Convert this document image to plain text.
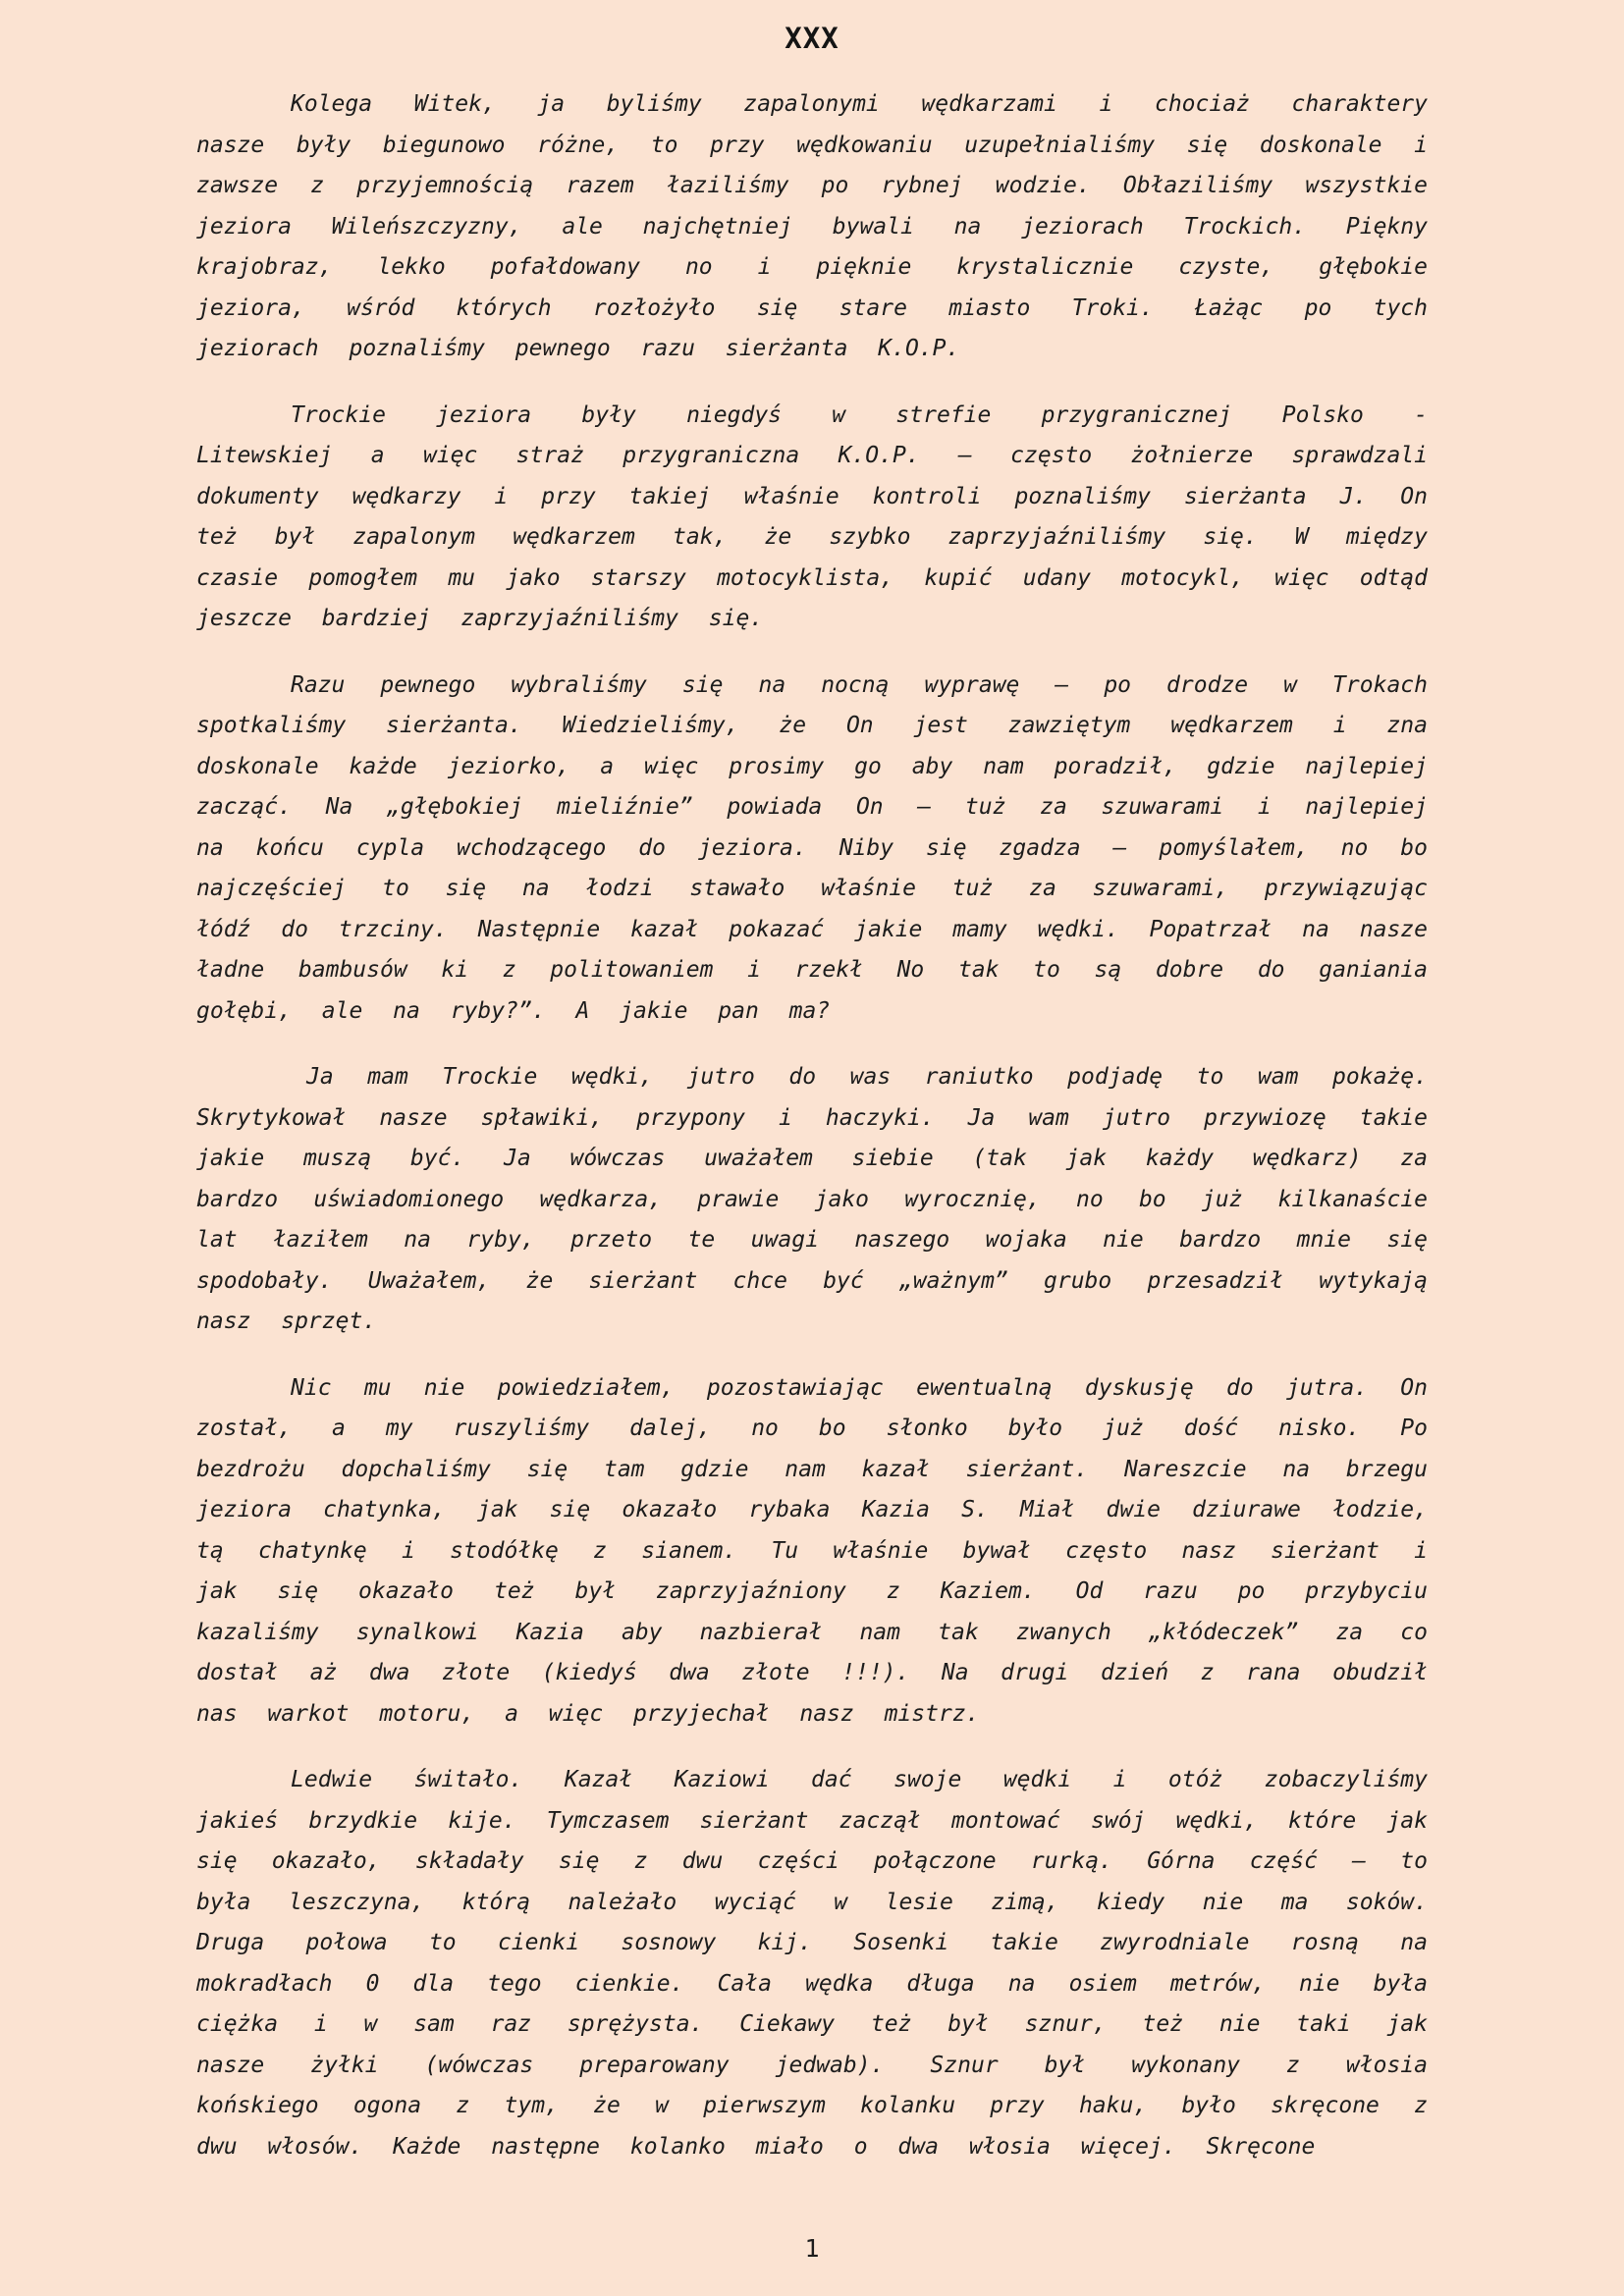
XXX

Kolega Witek, ja byliśmy zapalonymi wędkarzami i chociaż charaktery nasze były biegunowo różne, to przy wędkowaniu uzupełnialiśmy się doskonale i zawsze z przyjemnością razem łaziliśmy po rybnej wodzie. Obłaziliśmy wszystkie jeziora Wileńszczyzny, ale najchętniej bywali na jeziorach Trockich. Piękny krajobraz, lekko pofałdowany no i pięknie krystalicznie czyste, głębokie jeziora, wśród których rozłożyło się stare miasto Troki. Łażąc po tych jeziorach poznaliśmy pewnego razu sierżanta K.O.P.

Trockie jeziora były niegdyś w strefie przygranicznej Polsko - Litewskiej a więc straż przygraniczna K.O.P. – często żołnierze sprawdzali dokumenty wędkarzy i przy takiej właśnie kontroli poznaliśmy sierżanta J. On też był zapalonym wędkarzem tak, że szybko zaprzyjaźniliśmy się. W między czasie pomogłem mu jako starszy motocyklista, kupić udany motocykl, więc odtąd jeszcze bardziej zaprzyjaźniliśmy się.

Razu pewnego wybraliśmy się na nocną wyprawę – po drodze w Trokach spotkaliśmy sierżanta. Wiedzieliśmy, że On jest zawziętym wędkarzem i zna doskonale każde jeziorko, a więc prosimy go aby nam poradził, gdzie najlepiej zacząć. Na „głębokiej mieliźnie” powiada On – tuż za szuwarami i najlepiej na końcu cypla wchodzącego do jeziora. Niby się zgadza – pomyślałem, no bo najczęściej to się na łodzi stawało właśnie tuż za szuwarami, przywiązując łódź do trzciny. Następnie kazał pokazać jakie mamy wędki. Popatrzał na nasze ładne bambusów ki z politowaniem i rzekł No tak to są dobre do ganiania gołębi, ale na ryby?”. A jakie pan ma?

Ja mam Trockie wędki, jutro do was raniutko podjadę to wam pokażę. Skrytykował nasze spławiki, przypony i haczyki. Ja wam jutro przywiozę takie jakie muszą być. Ja wówczas uważałem siebie (tak jak każdy wędkarz) za bardzo uświadomionego wędkarza, prawie jako wyrocznię, no bo już kilkanaście lat łaziłem na ryby, przeto te uwagi naszego wojaka nie bardzo mnie się spodobały. Uważałem, że sierżant chce być „ważnym” grubo przesadził wytykają nasz sprzęt.

Nic mu nie powiedziałem, pozostawiając ewentualną dyskusję do jutra. On został, a my ruszyliśmy dalej, no bo słonko było już dość nisko. Po bezdrożu dopchaliśmy się tam gdzie nam kazał sierżant. Nareszcie na brzegu jeziora chatynka, jak się okazało rybaka Kazia S. Miał dwie dziurawe łodzie, tą chatynkę i stodółkę z sianem. Tu właśnie bywał często nasz sierżant i jak się okazało też był zaprzyjaźniony z Kaziem. Od razu po przybyciu kazaliśmy synalkowi Kazia aby nazbierał nam tak zwanych „kłódeczek” za co dostał aż dwa złote (kiedyś dwa złote !!!). Na drugi dzień z rana obudził nas warkot motoru, a więc przyjechał nasz mistrz.

Ledwie świtało. Kazał Kaziowi dać swoje wędki i otóż zobaczyliśmy jakieś brzydkie kije. Tymczasem sierżant zaczął montować swój wędki, które jak się okazało, składały się z dwu części połączone rurką. Górna część – to była leszczyna, którą należało wyciąć w lesie zimą, kiedy nie ma soków. Druga połowa to cienki sosnowy kij. Sosenki takie zwyrodniale rosną na mokradłach 0 dla tego cienkie. Cała wędka długa na osiem metrów, nie była ciężka i w sam raz sprężysta. Ciekawy też był sznur, też nie taki jak nasze żyłki (wówczas preparowany jedwab). Sznur był wykonany z włosia końskiego ogona z tym, że w pierwszym kolanku przy haku, było skręcone z dwu włosów. Każde następne kolanko miało o dwa włosia więcej. Skręcone

1
